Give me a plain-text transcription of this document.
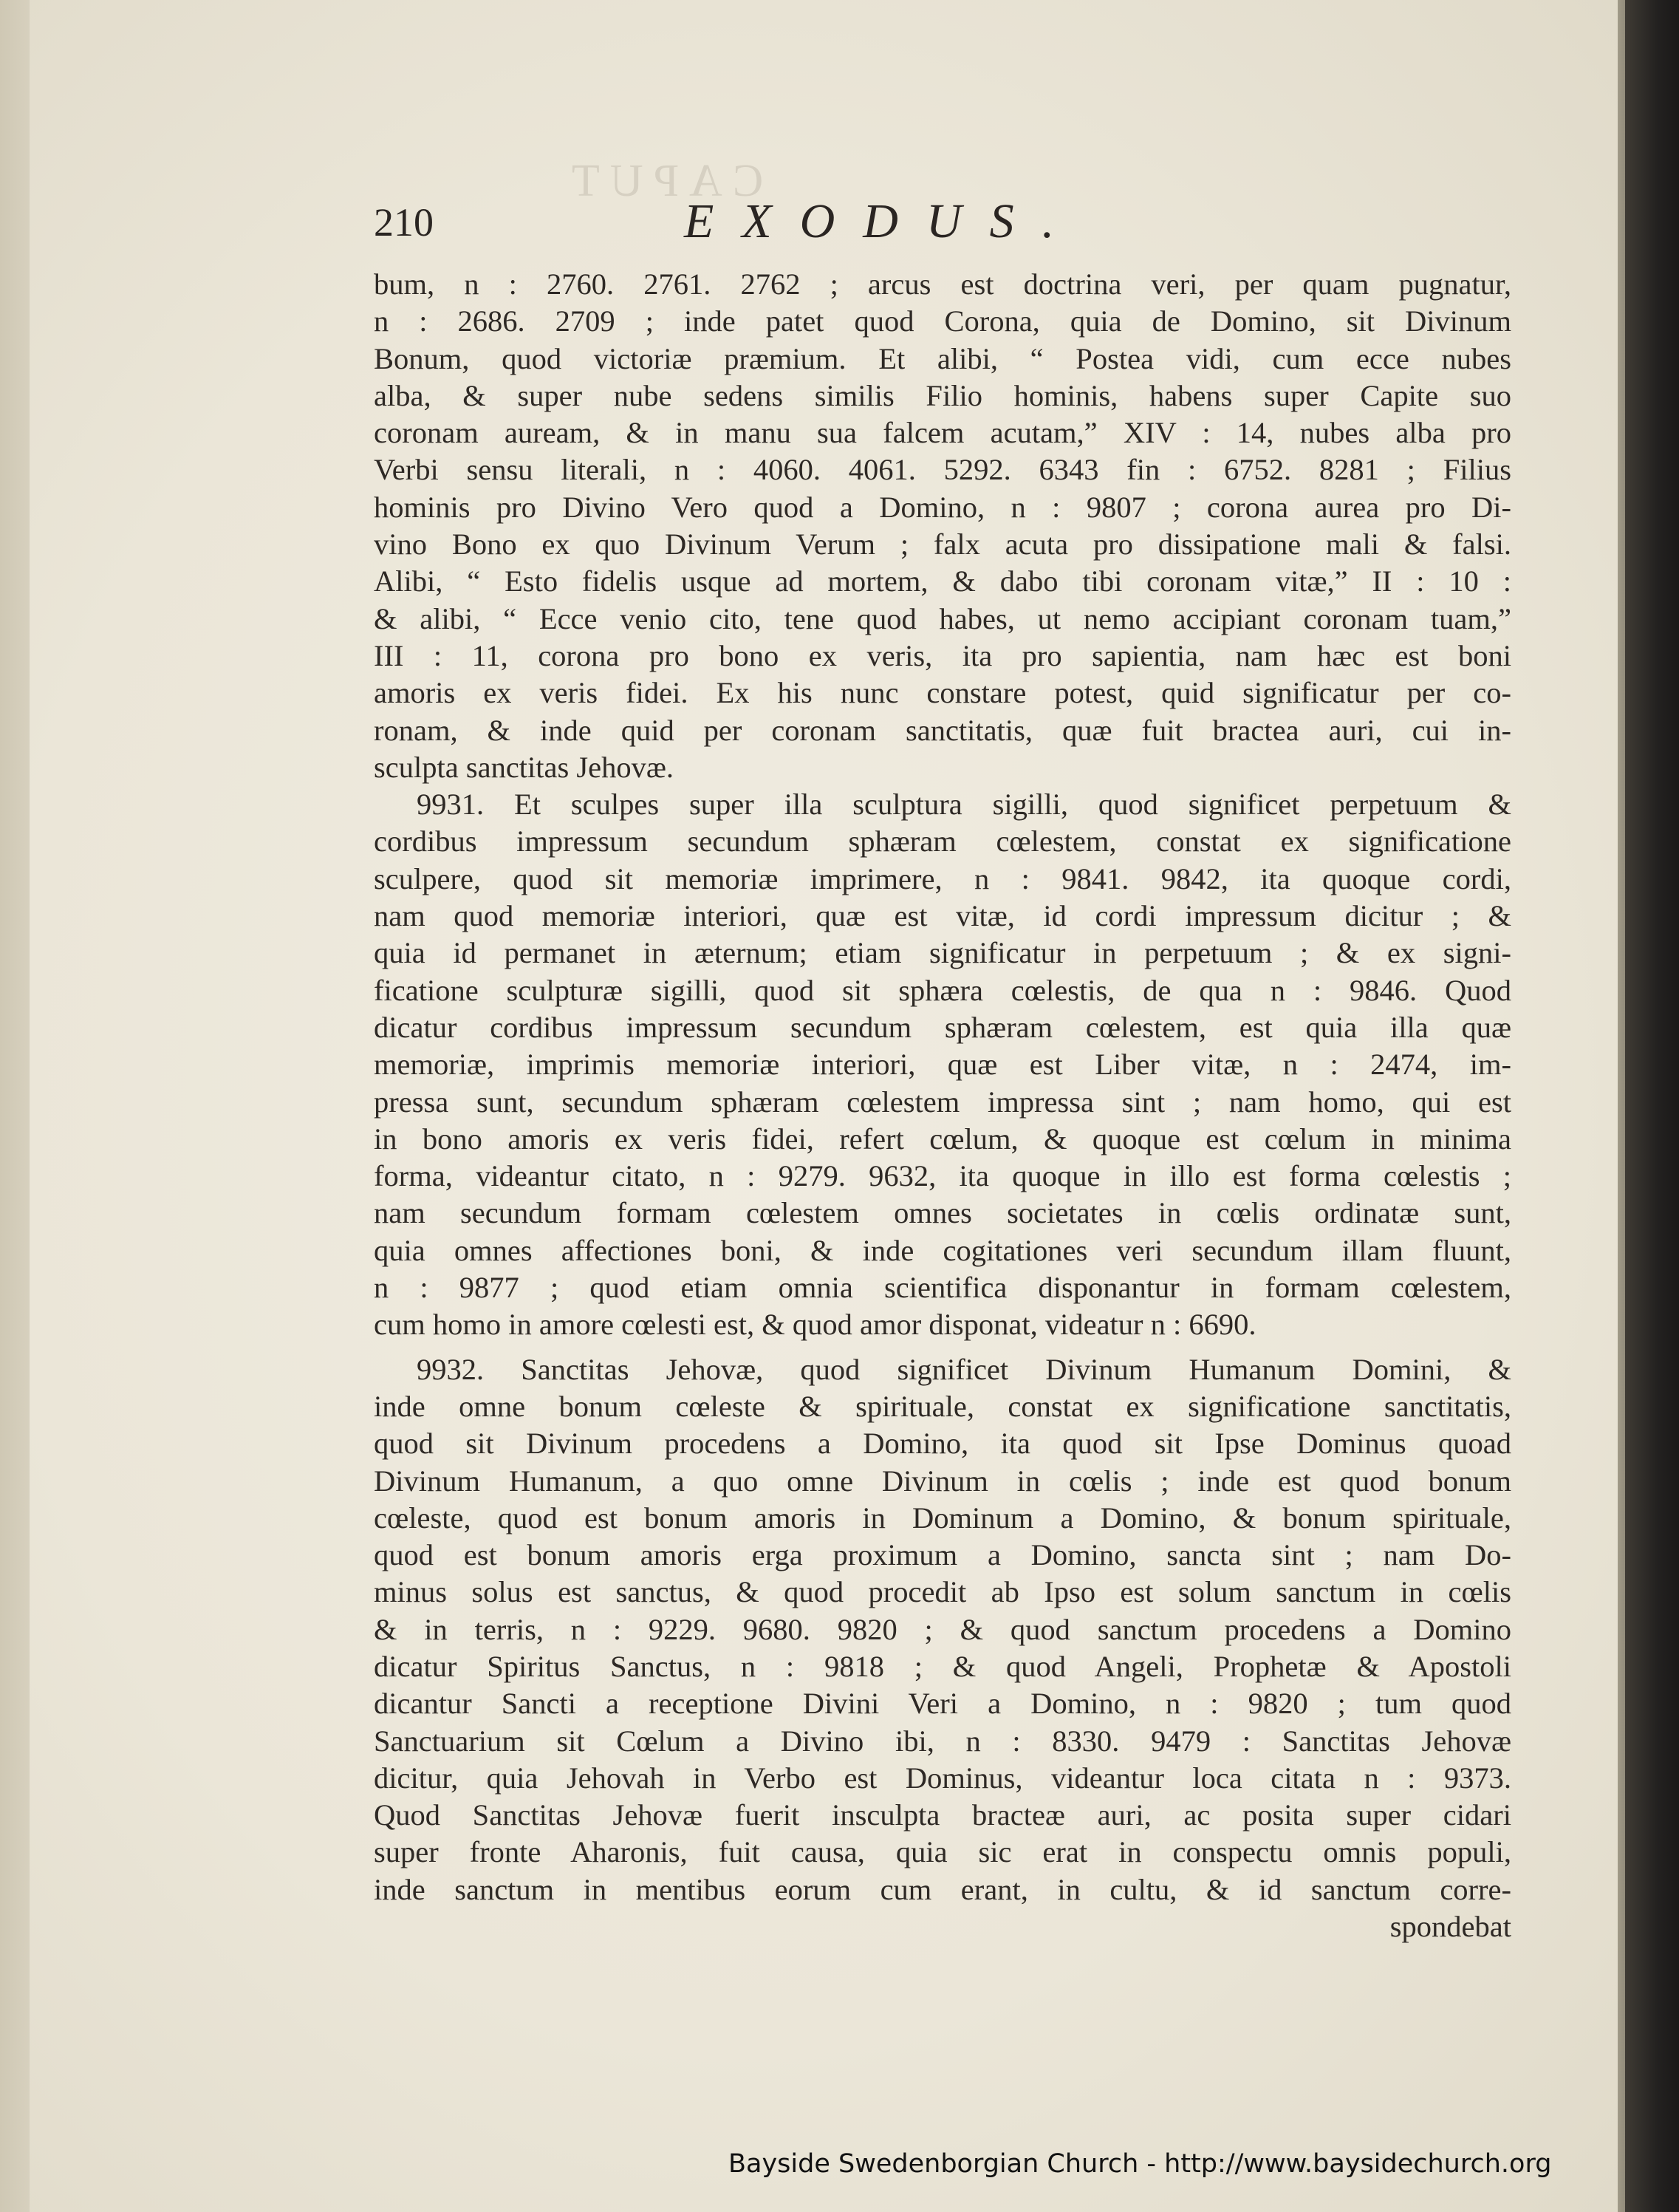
CAPUT
210	EXODUS.
bum, n : 2760. 2761. 2762 ; arcus est doctrina veri, per quam pugnatur,
n : 2686. 2709 ; inde patet quod Corona, quia de Domino, sit Divinum
Bonum, quod victoriæ præmium. Et alibi, “ Postea vidi, cum ecce nubes
alba, & super nube sedens similis Filio hominis, habens super Capite suo
coronam auream, & in manu sua falcem acutam,” XIV : 14, nubes alba pro
Verbi sensu literali, n : 4060. 4061. 5292. 6343 fin : 6752. 8281 ; Filius
hominis pro Divino Vero quod a Domino, n : 9807 ; corona aurea pro Di-
vino Bono ex quo Divinum Verum ; falx acuta pro dissipatione mali & falsi.
Alibi, “ Esto fidelis usque ad mortem, & dabo tibi coronam vitæ,” II : 10 :
& alibi, “ Ecce venio cito, tene quod habes, ut nemo accipiant coronam tuam,”
III : 11, corona pro bono ex veris, ita pro sapientia, nam hæc est boni
amoris ex veris fidei. Ex his nunc constare potest, quid significatur per co-
ronam, & inde quid per coronam sanctitatis, quæ fuit bractea auri, cui in-
sculpta sanctitas Jehovæ.
9931. Et sculpes super illa sculptura sigilli, quod significet perpetuum &
cordibus impressum secundum sphæram cœlestem, constat ex significatione
sculpere, quod sit memoriæ imprimere, n : 9841. 9842, ita quoque cordi,
nam quod memoriæ interiori, quæ est vitæ, id cordi impressum dicitur ; &
quia id permanet in æternum; etiam significatur in perpetuum ; & ex signi-
ficatione sculpturæ sigilli, quod sit sphæra cœlestis, de qua n : 9846. Quod
dicatur cordibus impressum secundum sphæram cœlestem, est quia illa quæ
memoriæ, imprimis memoriæ interiori, quæ est Liber vitæ, n : 2474, im-
pressa sunt, secundum sphæram cœlestem impressa sint ; nam homo, qui est
in bono amoris ex veris fidei, refert cœlum, & quoque est cœlum in minima
forma, videantur citato, n : 9279. 9632, ita quoque in illo est forma cœlestis ;
nam secundum formam cœlestem omnes societates in cœlis ordinatæ sunt,
quia omnes affectiones boni, & inde cogitationes veri secundum illam fluunt,
n : 9877 ; quod etiam omnia scientifica disponantur in formam cœlestem,
cum homo in amore cœlesti est, & quod amor disponat, videatur n : 6690.
9932. Sanctitas Jehovæ, quod significet Divinum Humanum Domini, &
inde omne bonum cœleste & spirituale, constat ex significatione sanctitatis,
quod sit Divinum procedens a Domino, ita quod sit Ipse Dominus quoad
Divinum Humanum, a quo omne Divinum in cœlis ; inde est quod bonum
cœleste, quod est bonum amoris in Dominum a Domino, & bonum spirituale,
quod est bonum amoris erga proximum a Domino, sancta sint ; nam Do-
minus solus est sanctus, & quod procedit ab Ipso est solum sanctum in cœlis
& in terris, n : 9229. 9680. 9820 ; & quod sanctum procedens a Domino
dicatur Spiritus Sanctus, n : 9818 ; & quod Angeli, Prophetæ & Apostoli
dicantur Sancti a receptione Divini Veri a Domino, n : 9820 ; tum quod
Sanctuarium sit Cœlum a Divino ibi, n : 8330. 9479 : Sanctitas Jehovæ
dicitur, quia Jehovah in Verbo est Dominus, videantur loca citata n : 9373.
Quod Sanctitas Jehovæ fuerit insculpta bracteæ auri, ac posita super cidari
super fronte Aharonis, fuit causa, quia sic erat in conspectu omnis populi,
inde sanctum in mentibus eorum cum erant, in cultu, & id sanctum corre-
spondebat
Bayside Swedenborgian Church - http://www.baysidechurch.org
